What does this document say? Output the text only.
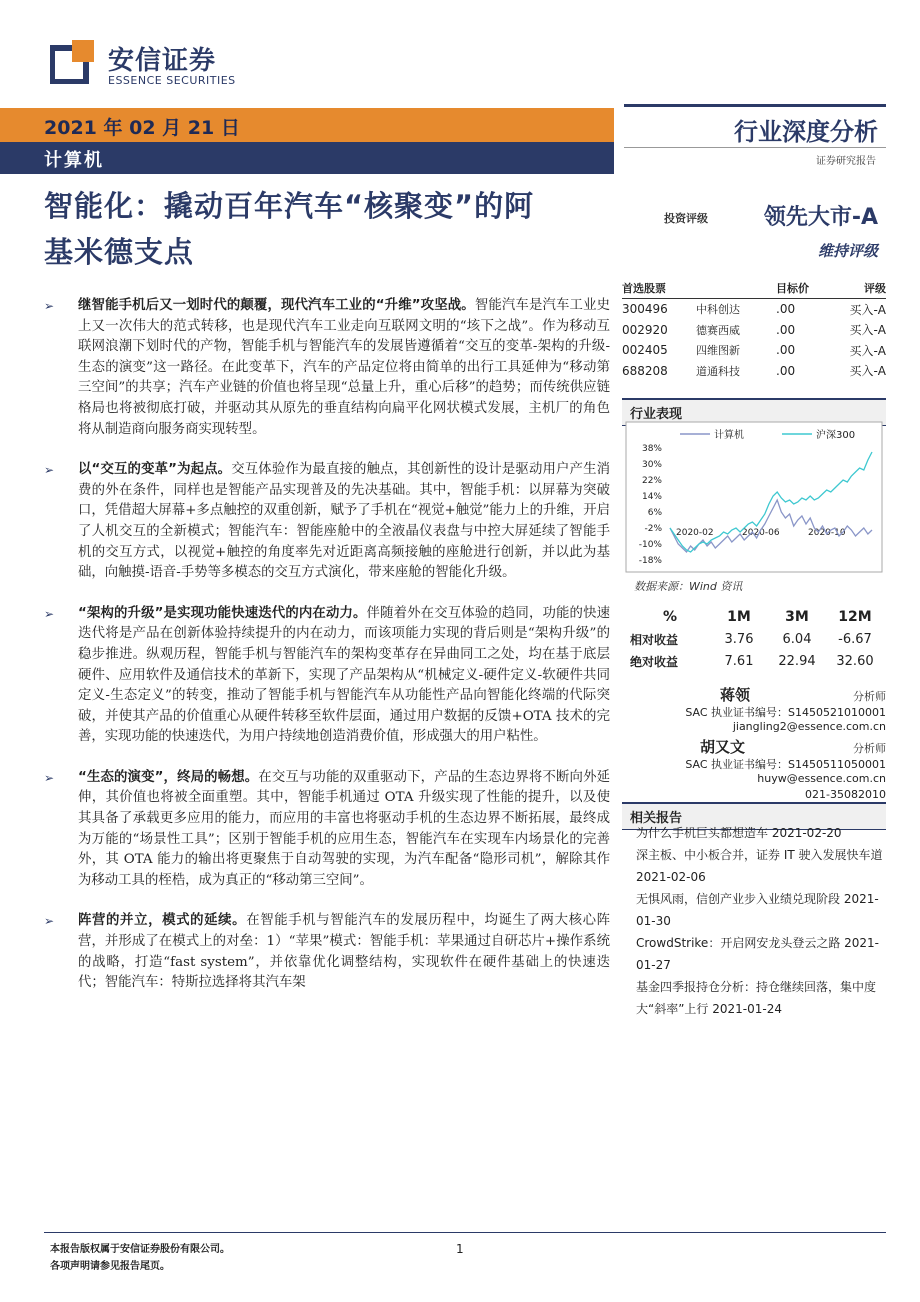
安信证券
ESSENCE SECURITIES
2021 年 02 月 21 日
计算机
智能化：撬动百年汽车“核聚变”的阿
基米德支点
行业深度分析
证券研究报告
投资评级	领先大市-A
维持评级
首选股票	目标价	评级
300496	中科创达	.00	买入-A
002920	德赛西威	.00	买入-A
002405	四维图新	.00	买入-A
688208	道通科技	.00	买入-A
行业表现
38%
30%
22%
14%
6%
-2%
-10%
-18%
2020-02	2020-06	2020-10
计算机	沪深300
数据来源：Wind 资讯
%	1M	3M	12M
相对收益	3.76	6.04	-6.67
绝对收益	7.61	22.94	32.60
蒋领	分析师
SAC 执业证书编号：S1450521010001
jiangling2@essence.com.cn
胡又文	分析师
SAC 执业证书编号：S1450511050001
huyw@essence.com.cn
021-35082010
相关报告
为什么手机巨头都想造车 2021-02-20
深主板、中小板合并，证券 IT 驶入发展快车道 2021-02-06
无惧风雨，信创产业步入业绩兑现阶段 2021-01-30
CrowdStrike：开启网安龙头登云之路 2021-01-27
基金四季报持仓分析：持仓继续回落，集中度大“斜率”上行 2021-01-24
➢ 继智能手机后又一划时代的颠覆，现代汽车工业的“升维”攻坚战。智能汽车是汽车工业史上又一次伟大的范式转移，也是现代汽车工业走向互联网文明的“垓下之战”。作为移动互联网浪潮下划时代的产物，智能手机与智能汽车的发展皆遵循着“交互的变革-架构的升级-生态的演变”这一路径。在此变革下，汽车的产品定位将由简单的出行工具延伸为“移动第三空间”的共享；汽车产业链的价值也将呈现“总量上升，重心后移”的趋势；而传统供应链格局也将被彻底打破，并驱动其从原先的垂直结构向扁平化网状模式发展，主机厂的角色将从制造商向服务商实现转型。
➢ 以“交互的变革”为起点。交互体验作为最直接的触点，其创新性的设计是驱动用户产生消费的外在条件，同样也是智能产品实现普及的先决基础。其中，智能手机：以屏幕为突破口，凭借超大屏幕+多点触控的双重创新，赋予了手机在“视觉+触觉”能力上的升维，开启了人机交互的全新模式；智能汽车：智能座舱中的全液晶仪表盘与中控大屏延续了智能手机的交互方式，以视觉+触控的角度率先对近距离高频接触的座舱进行创新，并以此为基础，向触摸-语音-手势等多模态的交互方式演化，带来座舱的智能化升级。
➢ “架构的升级”是实现功能快速迭代的内在动力。伴随着外在交互体验的趋同，功能的快速迭代将是产品在创新体验持续提升的内在动力，而该项能力实现的背后则是“架构升级”的稳步推进。纵观历程，智能手机与智能汽车的架构变革存在异曲同工之处，均在基于底层硬件、应用软件及通信技术的革新下，实现了产品架构从“机械定义-硬件定义-软硬件共同定义-生态定义”的转变，推动了智能手机与智能汽车从功能性产品向智能化终端的代际突破，并使其产品的价值重心从硬件转移至软件层面，通过用户数据的反馈+OTA 技术的完善，实现功能的快速迭代，为用户持续地创造消费价值，形成强大的用户粘性。
➢ “生态的演变”，终局的畅想。在交互与功能的双重驱动下，产品的生态边界将不断向外延伸，其价值也将被全面重塑。其中，智能手机通过 OTA 升级实现了性能的提升，以及使其具备了承载更多应用的能力，而应用的丰富也将驱动手机的生态边界不断拓展，最终成为万能的“场景性工具”；区别于智能手机的应用生态，智能汽车在实现车内场景化的完善外，其 OTA 能力的输出将更聚焦于自动驾驶的实现，为汽车配备“隐形司机”，解除其作为移动工具的桎梏，成为真正的“移动第三空间”。
➢ 阵营的并立，模式的延续。在智能手机与智能汽车的发展历程中，均诞生了两大核心阵营，并形成了在模式上的对垒：1）“苹果”模式：智能手机：苹果通过自研芯片+操作系统的战略，打造“fast system”，并依靠优化调整结构，实现软件在硬件基础上的快速迭代；智能汽车：特斯拉选择将其汽车架
本报告版权属于安信证券股份有限公司。
各项声明请参见报告尾页。
1
